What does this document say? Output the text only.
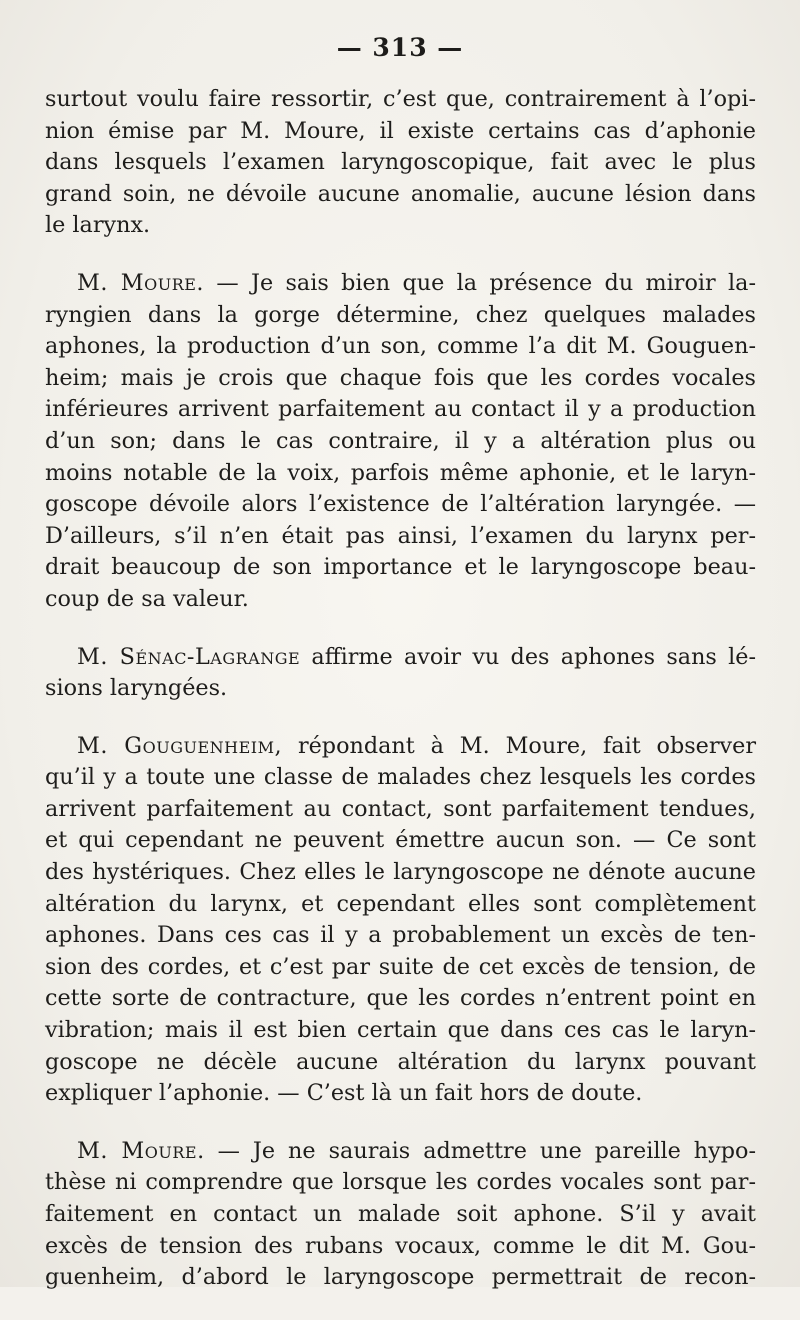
— 313 —
surtout voulu faire ressortir, c’est que, contrairement à l’opi-
nion émise par M. Moure, il existe certains cas d’aphonie
dans lesquels l’examen laryngoscopique, fait avec le plus
grand soin, ne dévoile aucune anomalie, aucune lésion dans
le larynx.
M. Moure. — Je sais bien que la présence du miroir la-
ryngien dans la gorge détermine, chez quelques malades
aphones, la production d’un son, comme l’a dit M. Gouguen-
heim; mais je crois que chaque fois que les cordes vocales
inférieures arrivent parfaitement au contact il y a production
d’un son; dans le cas contraire, il y a altération plus ou
moins notable de la voix, parfois même aphonie, et le laryn-
goscope dévoile alors l’existence de l’altération laryngée. —
D’ailleurs, s’il n’en était pas ainsi, l’examen du larynx per-
drait beaucoup de son importance et le laryngoscope beau-
coup de sa valeur.
M. Sénac-Lagrange affirme avoir vu des aphones sans lé-
sions laryngées.
M. Gouguenheim, répondant à M. Moure, fait observer
qu’il y a toute une classe de malades chez lesquels les cordes
arrivent parfaitement au contact, sont parfaitement tendues,
et qui cependant ne peuvent émettre aucun son. — Ce sont
des hystériques. Chez elles le laryngoscope ne dénote aucune
altération du larynx, et cependant elles sont complètement
aphones. Dans ces cas il y a probablement un excès de ten-
sion des cordes, et c’est par suite de cet excès de tension, de
cette sorte de contracture, que les cordes n’entrent point en
vibration; mais il est bien certain que dans ces cas le laryn-
goscope ne décèle aucune altération du larynx pouvant
expliquer l’aphonie. — C’est là un fait hors de doute.
M. Moure. — Je ne saurais admettre une pareille hypo-
thèse ni comprendre que lorsque les cordes vocales sont par-
faitement en contact un malade soit aphone. S’il y avait
excès de tension des rubans vocaux, comme le dit M. Gou-
guenheim, d’abord le laryngoscope permettrait de recon-
